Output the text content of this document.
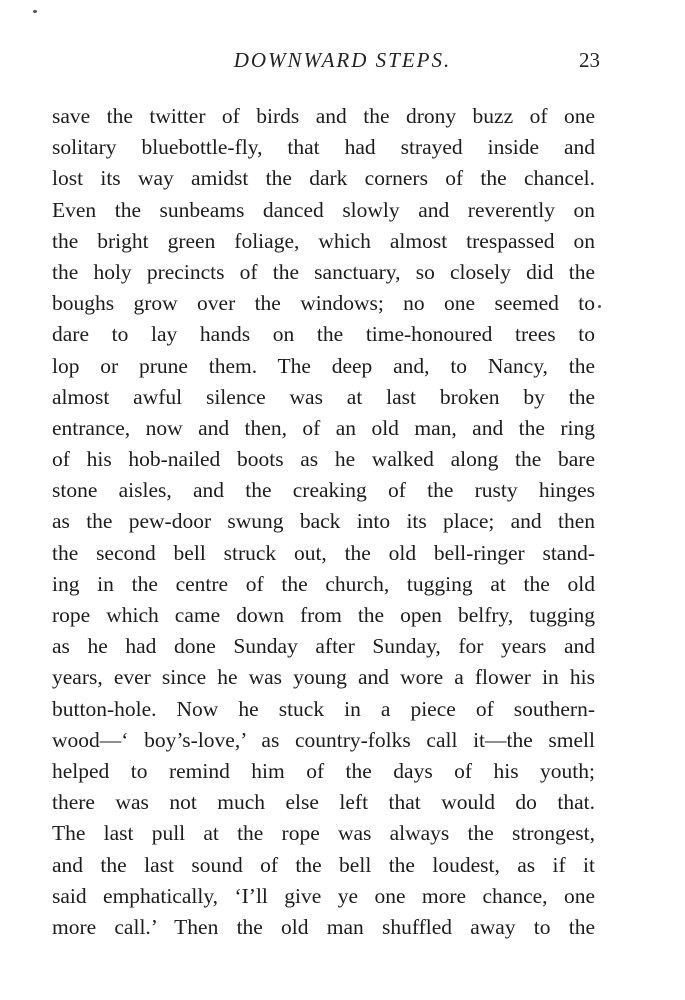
DOWNWARD STEPS.	23
save the twitter of birds and the drony buzz of one
solitary bluebottle-fly, that had strayed inside and
lost its way amidst the dark corners of the chancel.
Even the sunbeams danced slowly and reverently on
the bright green foliage, which almost trespassed on
the holy precincts of the sanctuary, so closely did the
boughs grow over the windows; no one seemed to
dare to lay hands on the time-honoured trees to
lop or prune them. The deep and, to Nancy, the
almost awful silence was at last broken by the
entrance, now and then, of an old man, and the ring
of his hob-nailed boots as he walked along the bare
stone aisles, and the creaking of the rusty hinges
as the pew-door swung back into its place; and then
the second bell struck out, the old bell-ringer stand-
ing in the centre of the church, tugging at the old
rope which came down from the open belfry, tugging
as he had done Sunday after Sunday, for years and
years, ever since he was young and wore a flower in his
button-hole. Now he stuck in a piece of southern-
wood—‘ boy’s-love,’ as country-folks call it—the smell
helped to remind him of the days of his youth;
there was not much else left that would do that.
The last pull at the rope was always the strongest,
and the last sound of the bell the loudest, as if it
said emphatically, ‘I’ll give ye one more chance, one
more call.’ Then the old man shuffled away to the
